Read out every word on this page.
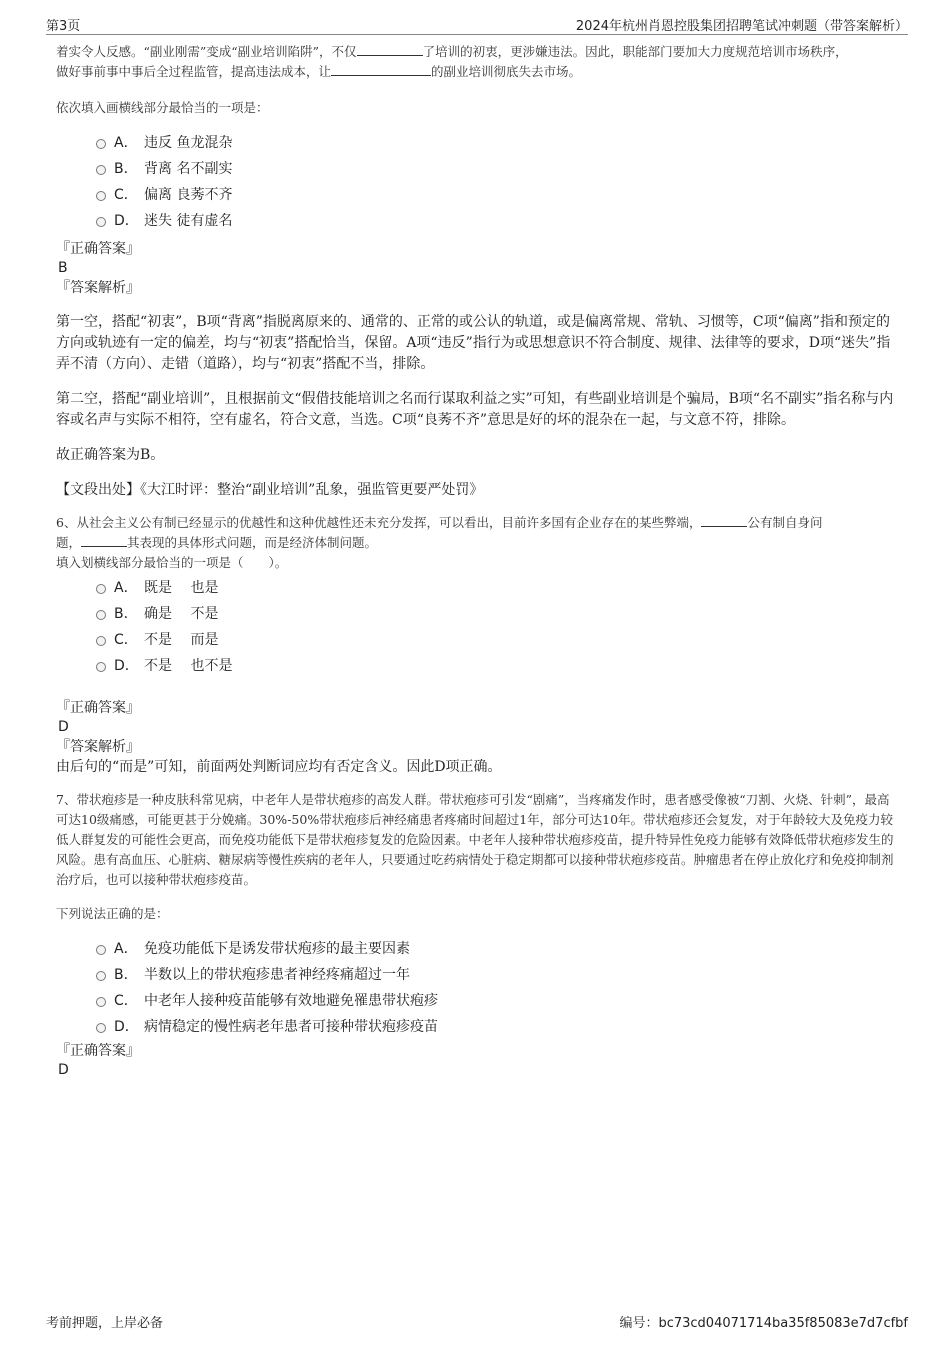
第3页	2024年杭州肖恩控股集团招聘笔试冲刺题（带答案解析）

着实令人反感。“副业刚需”变成“副业培训陷阱”，不仅	了培训的初衷，更涉嫌违法。因此，职能部门要加大力度规范培训市场秩序，
做好事前事中事后全过程监管，提高违法成本，让	的副业培训彻底失去市场。

依次填入画横线部分最恰当的一项是：

A． 违反 鱼龙混杂
B． 背离 名不副实
C． 偏离 良莠不齐
D． 迷失 徒有虚名

『正确答案』

B

『答案解析』

第一空，搭配“初衷”，B项“背离”指脱离原来的、通常的、正常的或公认的轨道，或是偏离常规、常轨、习惯等，C项“偏离”指和预定的方向或轨迹有一定的偏差，均与“初衷”搭配恰当，保留。A项“违反”指行为或思想意识不符合制度、规律、法律等的要求，D项“迷失”指弄不清（方向）、走错（道路），均与“初衷”搭配不当，排除。

第二空，搭配“副业培训”，且根据前文“假借技能培训之名而行谋取利益之实”可知，有些副业培训是个骗局，B项“名不副实”指名称与内容或名声与实际不相符，空有虚名，符合文意，当选。C项“良莠不齐”意思是好的坏的混杂在一起，与文意不符，排除。

故正确答案为B。

【文段出处】《大江时评：整治“副业培训”乱象，强监管更要严处罚》

6、从社会主义公有制已经显示的优越性和这种优越性还未充分发挥，可以看出，目前许多国有企业存在的某些弊端，	公有制自身问
题，	其表现的具体形式问题，而是经济体制问题。

填入划横线部分最恰当的一项是（　　）。

A． 既是　 也是
B． 确是　 不是
C． 不是　 而是
D． 不是　 也不是

『正确答案』

D

『答案解析』

由后句的“而是”可知，前面两处判断词应均有否定含义。因此D项正确。

7、带状疱疹是一种皮肤科常见病，中老年人是带状疱疹的高发人群。带状疱疹可引发“剧痛”，当疼痛发作时，患者感受像被“刀割、火烧、针刺”，最高可达10级痛感，可能更甚于分娩痛。30%-50%带状疱疹后神经痛患者疼痛时间超过1年，部分可达10年。带状疱疹还会复发，对于年龄较大及免疫力较低人群复发的可能性会更高，而免疫功能低下是带状疱疹复发的危险因素。中老年人接种带状疱疹疫苗，提升特异性免疫力能够有效降低带状疱疹发生的风险。患有高血压、心脏病、糖尿病等慢性疾病的老年人，只要通过吃药病情处于稳定期都可以接种带状疱疹疫苗。肿瘤患者在停止放化疗和免疫抑制剂治疗后，也可以接种带状疱疹疫苗。

下列说法正确的是：

A． 免疫功能低下是诱发带状疱疹的最主要因素
B． 半数以上的带状疱疹患者神经疼痛超过一年
C． 中老年人接种疫苗能够有效地避免罹患带状疱疹
D． 病情稳定的慢性病老年患者可接种带状疱疹疫苗

『正确答案』

D

考前押题，上岸必备	编号：bc73cd04071714ba35f85083e7d7cfbf
